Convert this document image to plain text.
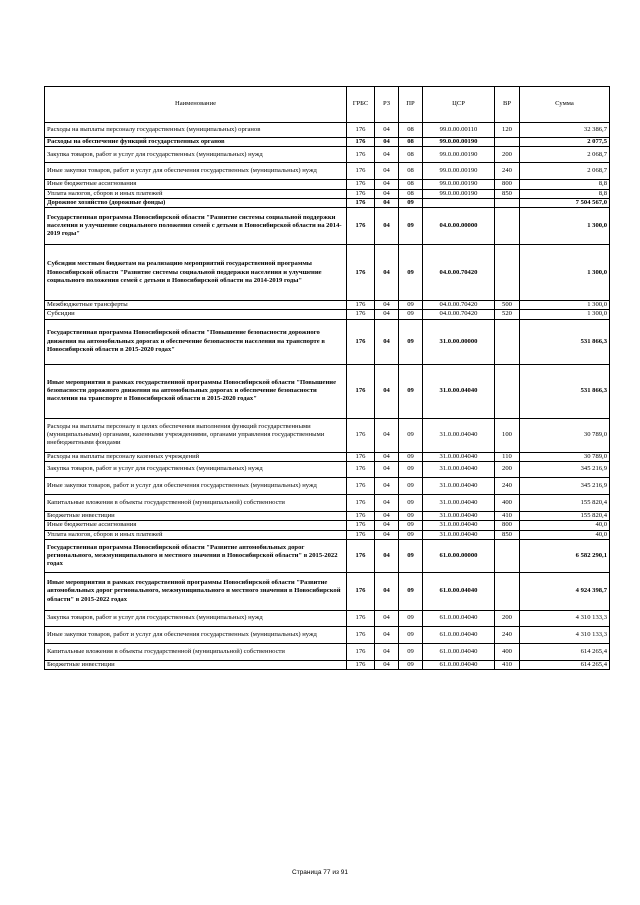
Наименование	ГРБС	РЗ	ПР	ЦСР	ВР	Сумма
Расходы на выплаты персоналу государственных (муниципальных) органов	176	04	08	99.0.00.00110	120	32 386,7
Расходы на обеспечение функций государственных органов	176	04	08	99.0.00.00190		2 077,5
Закупка товаров, работ и услуг для государственных (муниципальных) нужд	176	04	08	99.0.00.00190	200	2 068,7
Иные закупки товаров, работ и услуг для обеспечения государственных (муниципальных) нужд	176	04	08	99.0.00.00190	240	2 068,7
Иные бюджетные ассигнования	176	04	08	99.0.00.00190	800	8,8
Уплата налогов, сборов и иных платежей	176	04	08	99.0.00.00190	850	8,8
Дорожное хозяйство (дорожные фонды)	176	04	09			7 504 567,0
Государственная программа Новосибирской области "Развитие системы социальной поддержки населения и улучшение социального положения семей с детьми в Новосибирской области на 2014-2019 годы"	176	04	09	04.0.00.00000		1 300,0
Субсидии местным бюджетам на реализацию мероприятий государственной программы Новосибирской области "Развитие системы социальной поддержки населения и улучшение социального положения семей с детьми в Новосибирской области на 2014-2019 годы"	176	04	09	04.0.00.70420		1 300,0
Межбюджетные трансферты	176	04	09	04.0.00.70420	500	1 300,0
Субсидии	176	04	09	04.0.00.70420	520	1 300,0
Государственная программа Новосибирской области "Повышение безопасности дорожного движения на автомобильных дорогах и обеспечение безопасности населения на транспорте в Новосибирской области в 2015-2020 годах"	176	04	09	31.0.00.00000		531 866,3
Иные мероприятия в рамках государственной программы Новосибирской области "Повышение безопасности дорожного движения на автомобильных дорогах и обеспечение безопасности населения на транспорте в Новосибирской области в 2015-2020 годах"	176	04	09	31.0.00.04040		531 866,3
Расходы на выплаты персоналу в целях обеспечения выполнения функций государственными (муниципальными) органами, казенными учреждениями, органами управления государственными внебюджетными фондами	176	04	09	31.0.00.04040	100	30 789,0
Расходы на выплаты персоналу казенных учреждений	176	04	09	31.0.00.04040	110	30 789,0
Закупка товаров, работ и услуг для государственных (муниципальных) нужд	176	04	09	31.0.00.04040	200	345 216,9
Иные закупки товаров, работ и услуг для обеспечения государственных (муниципальных) нужд	176	04	09	31.0.00.04040	240	345 216,9
Капитальные вложения в объекты государственной (муниципальной) собственности	176	04	09	31.0.00.04040	400	155 820,4
Бюджетные инвестиции	176	04	09	31.0.00.04040	410	155 820,4
Иные бюджетные ассигнования	176	04	09	31.0.00.04040	800	40,0
Уплата налогов, сборов и иных платежей	176	04	09	31.0.00.04040	850	40,0
Государственная программа Новосибирской области "Развитие автомобильных дорог регионального, межмуниципального и местного значения в Новосибирской области" в 2015-2022 годах	176	04	09	61.0.00.00000		6 582 290,1
Иные мероприятия в рамках государственной программы Новосибирской области "Развитие автомобильных дорог регионального, межмуниципального и местного значения в Новосибирской области" в 2015-2022 годах	176	04	09	61.0.00.04040		4 924 398,7
Закупка товаров, работ и услуг для государственных (муниципальных) нужд	176	04	09	61.0.00.04040	200	4 310 133,3
Иные закупки товаров, работ и услуг для обеспечения государственных (муниципальных) нужд	176	04	09	61.0.00.04040	240	4 310 133,3
Капитальные вложения в объекты государственной (муниципальной) собственности	176	04	09	61.0.00.04040	400	614 265,4
Бюджетные инвестиции	176	04	09	61.0.00.04040	410	614 265,4
Страница 77 из 91
